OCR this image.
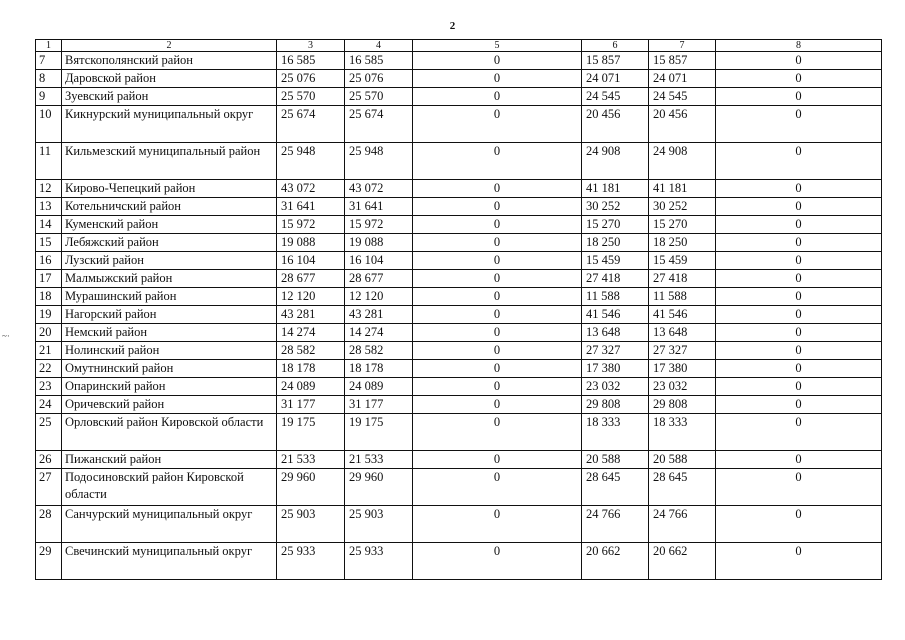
2
~·
1	2	3	4	5	6	7	8
7	Вятскополянский район	16 585	16 585	0	15 857	15 857	0
8	Даровской район	25 076	25 076	0	24 071	24 071	0
9	Зуевский район	25 570	25 570	0	24 545	24 545	0
10	Кикнурский муниципальный округ	25 674	25 674	0	20 456	20 456	0
11	Кильмезский муниципальный район	25 948	25 948	0	24 908	24 908	0
12	Кирово-Чепецкий район	43 072	43 072	0	41 181	41 181	0
13	Котельничский район	31 641	31 641	0	30 252	30 252	0
14	Куменский район	15 972	15 972	0	15 270	15 270	0
15	Лебяжский район	19 088	19 088	0	18 250	18 250	0
16	Лузский район	16 104	16 104	0	15 459	15 459	0
17	Малмыжский район	28 677	28 677	0	27 418	27 418	0
18	Мурашинский район	12 120	12 120	0	11 588	11 588	0
19	Нагорский район	43 281	43 281	0	41 546	41 546	0
20	Немский район	14 274	14 274	0	13 648	13 648	0
21	Нолинский район	28 582	28 582	0	27 327	27 327	0
22	Омутнинский район	18 178	18 178	0	17 380	17 380	0
23	Опаринский район	24 089	24 089	0	23 032	23 032	0
24	Оричевский район	31 177	31 177	0	29 808	29 808	0
25	Орловский район Кировской области	19 175	19 175	0	18 333	18 333	0
26	Пижанский район	21 533	21 533	0	20 588	20 588	0
27	Подосиновский район Кировской области	29 960	29 960	0	28 645	28 645	0
28	Санчурский муниципальный округ	25 903	25 903	0	24 766	24 766	0
29	Свечинский муниципальный округ	25 933	25 933	0	20 662	20 662	0
